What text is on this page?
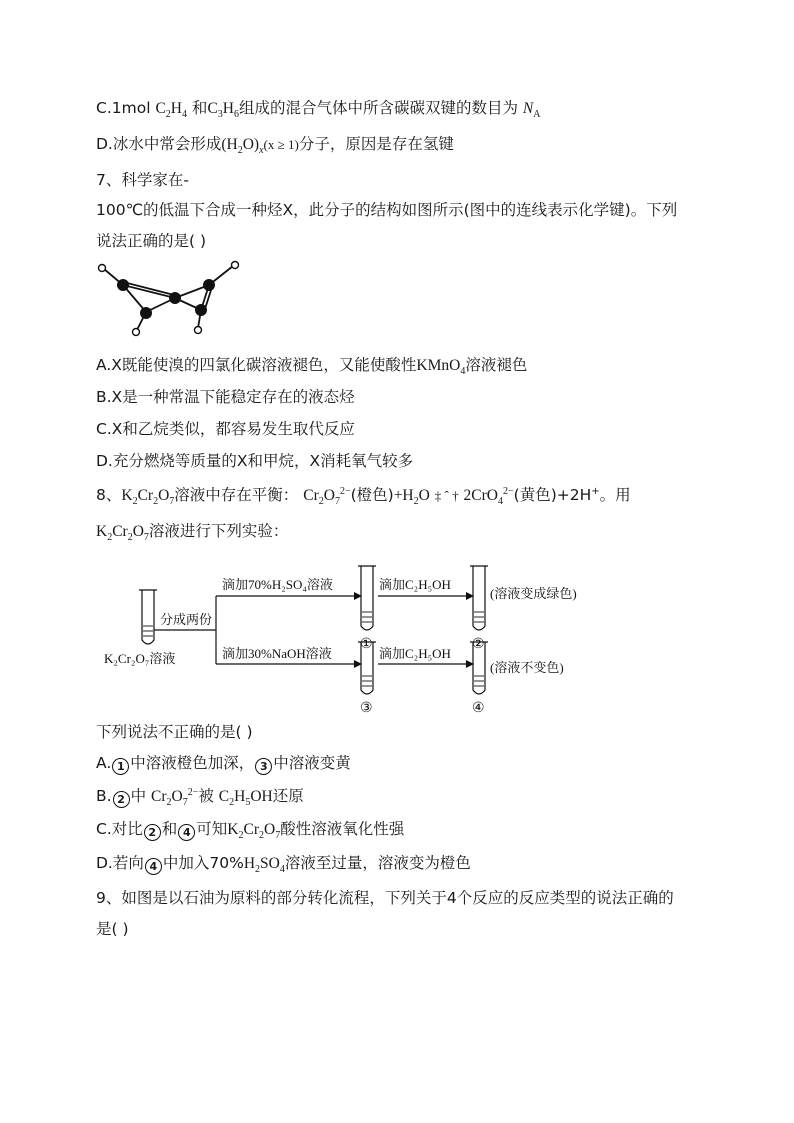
C.1mol $C_2H_4$ 和$C_3H_6$组成的混合气体中所含碳碳双键的数目为 $N_A$
D.冰水中常会形成$(H_2O)_x(x \ge 1)$分子，原因是存在氢键
7、科学家在-
100℃的低温下合成一种烃X，此分子的结构如图所示(图中的连线表示化学键)。下列
说法正确的是( )
A.X既能使溴的四氯化碳溶液褪色，又能使酸性KMnO$_4$溶液褪色
B.X是一种常温下能稳定存在的液态烃
C.X和乙烷类似，都容易发生取代反应
D.充分燃烧等质量的X和甲烷，X消耗氧气较多
8、$K_2Cr_2O_7$溶液中存在平衡： $Cr_2O_7^{2-}$(橙色)$+H_2O$ ‡ ˆ † 2CrO$_4^{2-}$(黄色)+2H+。用
$K_2Cr_2O_7$溶液进行下列实验：
分成两份
K₂Cr₂O₇溶液
滴加70%H₂SO₄溶液
滴加30%NaOH溶液
滴加C₂H₅OH
滴加C₂H₅OH
(溶液变成绿色)
(溶液不变色)
①	②
③	④
下列说法不正确的是( )
A. 1 中溶液橙色加深， 3 中溶液变黄
B. 2 中 $Cr_2O_7^{2-}$被 $C_2H_5OH$还原
C.对比 2 和 4 可知$K_2Cr_2O_7$酸性溶液氧化性强
D.若向 4 中加入$70\%H_2SO_4$溶液至过量，溶液变为橙色
9、如图是以石油为原料的部分转化流程，下列关于4个反应的反应类型的说法正确的
是( )
